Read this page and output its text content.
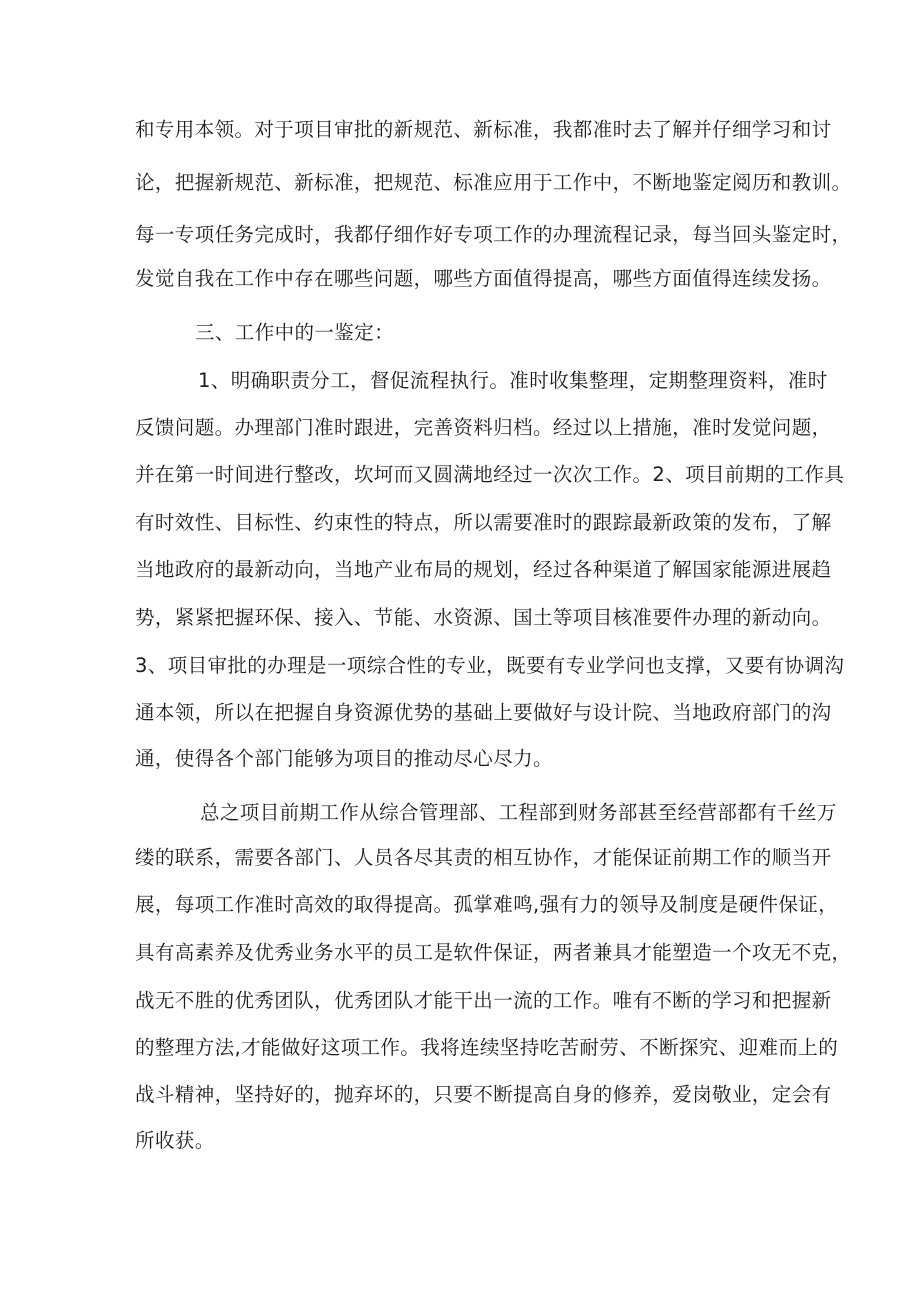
和专用本领。对于项目审批的新规范、新标准，我都准时去了解并仔细学习和讨
论，把握新规范、新标准，把规范、标准应用于工作中，不断地鉴定阅历和教训。
每一专项任务完成时，我都仔细作好专项工作的办理流程记录，每当回头鉴定时，
发觉自我在工作中存在哪些问题，哪些方面值得提高，哪些方面值得连续发扬。
三、工作中的一鉴定：
1、明确职责分工，督促流程执行。准时收集整理，定期整理资料，准时
反馈问题。办理部门准时跟进，完善资料归档。经过以上措施，准时发觉问题，
并在第一时间进行整改，坎坷而又圆满地经过一次次工作。2、项目前期的工作具
有时效性、目标性、约束性的特点，所以需要准时的跟踪最新政策的发布，了解
当地政府的最新动向，当地产业布局的规划，经过各种渠道了解国家能源进展趋
势，紧紧把握环保、接入、节能、水资源、国土等项目核准要件办理的新动向。
3、项目审批的办理是一项综合性的专业，既要有专业学问也支撑，又要有协调沟
通本领，所以在把握自身资源优势的基础上要做好与设计院、当地政府部门的沟
通，使得各个部门能够为项目的推动尽心尽力。
总之项目前期工作从综合管理部、工程部到财务部甚至经营部都有千丝万
缕的联系，需要各部门、人员各尽其责的相互协作，才能保证前期工作的顺当开
展，每项工作准时高效的取得提高。孤掌难鸣,强有力的领导及制度是硬件保证，
具有高素养及优秀业务水平的员工是软件保证，两者兼具才能塑造一个攻无不克，
战无不胜的优秀团队，优秀团队才能干出一流的工作。唯有不断的学习和把握新
的整理方法,才能做好这项工作。我将连续坚持吃苦耐劳、不断探究、迎难而上的
战斗精神，坚持好的，抛弃坏的，只要不断提高自身的修养，爱岗敬业，定会有
所收获。
